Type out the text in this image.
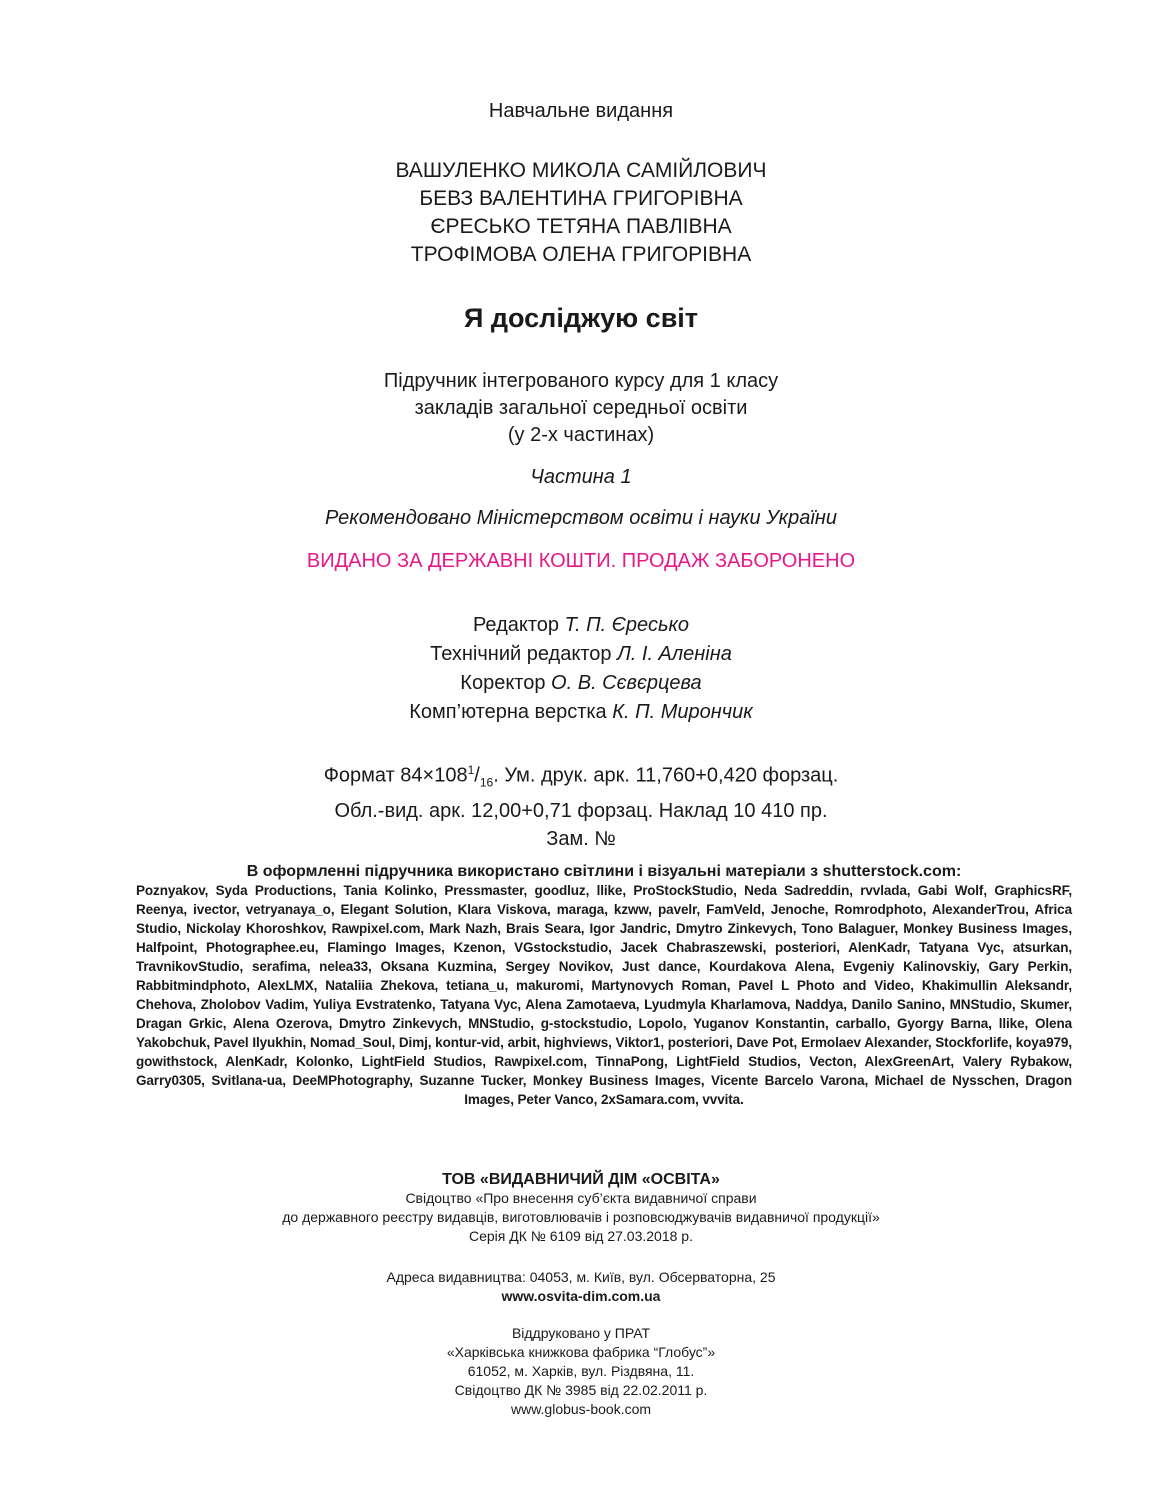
Навчальне видання
ВАШУЛЕНКО МИКОЛА САМІЙЛОВИЧ
БЕВЗ ВАЛЕНТИНА ГРИГОРІВНА
ЄРЕСЬКО ТЕТЯНА ПАВЛІВНА
ТРОФІМОВА ОЛЕНА ГРИГОРІВНА
Я досліджую світ
Підручник інтегрованого курсу для 1 класу
закладів загальної середньої освіти
(у 2-х частинах)
Частина 1
Рекомендовано Міністерством освіти і науки України
ВИДАНО ЗА ДЕРЖАВНІ КОШТИ. ПРОДАЖ ЗАБОРОНЕНО
Редактор Т. П. Єресько
Технічний редактор Л. І. Аленіна
Коректор О. В. Сєвєрцева
Комп’ютерна верстка К. П. Мирончик
Формат $84\times 108^1/_{16}$. Ум. друк. арк. 11,760+0,420 форзац.
Обл.-вид. арк. 12,00+0,71 форзац. Наклад 10 410 пр.
Зам. №
В оформленні підручника використано світлини і візуальні матеріали з shutterstock.com:
Poznyakov, Syda Productions, Tania Kolinko, Pressmaster, goodluz, llike, ProStockStudio, Neda Sadreddin, rvvlada, Gabi Wolf, GraphicsRF, Reenya, ivector, vetryanaya_o, Elegant Solution, Klara Viskova, maraga, kzww, pavelr, FamVeld, Jenoche, Romrodphoto, AlexanderTrou, Africa Studio, Nickolay Khoroshkov, Rawpixel.com, Mark Nazh, Brais Seara, Igor Jandric, Dmytro Zinkevych, Tono Balaguer, Monkey Business Images, Halfpoint, Photographee.eu, Flamingo Images, Kzenon, VGstockstudio, Jacek Chabraszewski, posteriori, AlenKadr, Tatyana Vyc, atsurkan, TravnikovStudio, serafima, nelea33, Oksana Kuzmina, Sergey Novikov, Just dance, Kourdakova Alena, Evgeniy Kalinovskiy, Gary Perkin, Rabbitmindphoto, AlexLMX, Nataliia Zhekova, tetiana_u, makuromi, Martynovych Roman, Pavel L Photo and Video, Khakimullin Aleksandr, Chehova, Zholobov Vadim, Yuliya Evstratenko, Tatyana Vyc, Alena Zamotaeva, Lyudmyla Kharlamova, Naddya, Danilo Sanino, MNStudio, Skumer, Dragan Grkic, Alena Ozerova, Dmytro Zinkevych, MNStudio, g-stockstudio, Lopolo, Yuganov Konstantin, carballo, Gyorgy Barna, llike, Olena Yakobchuk, Pavel Ilyukhin, Nomad_Soul, Dimj, kontur-vid, arbit, highviews, Viktor1, posteriori, Dave Pot, Ermolaev Alexander, Stockforlife, koya979, gowithstock, AlenKadr, Kolonko, LightField Studios, Rawpixel.com, TinnaPong, LightField Studios, Vecton, AlexGreenArt, Valery Rybakow, Garry0305, Svitlana-ua, DeeMPhotography, Suzanne Tucker, Monkey Business Images, Vicente Barcelo Varona, Michael de Nysschen, Dragon Images, Peter Vanco, 2xSamara.com, vvvita.
ТОВ «ВИДАВНИЧИЙ ДІМ «ОСВІТА»
Свідоцтво «Про внесення суб’єкта видавничої справи
до державного реєстру видавців, виготовлювачів і розповсюджувачів видавничої продукції»
Серія ДК № 6109 від 27.03.2018 р.
Адреса видавництва: 04053, м. Київ, вул. Обсерваторна, 25
www.osvita-dim.com.ua
Віддруковано у ПРАТ
«Харківська книжкова фабрика “Глобус”»
61052, м. Харків, вул. Різдвяна, 11.
Свідоцтво ДК № 3985 від 22.02.2011 р.
www.globus-book.com
